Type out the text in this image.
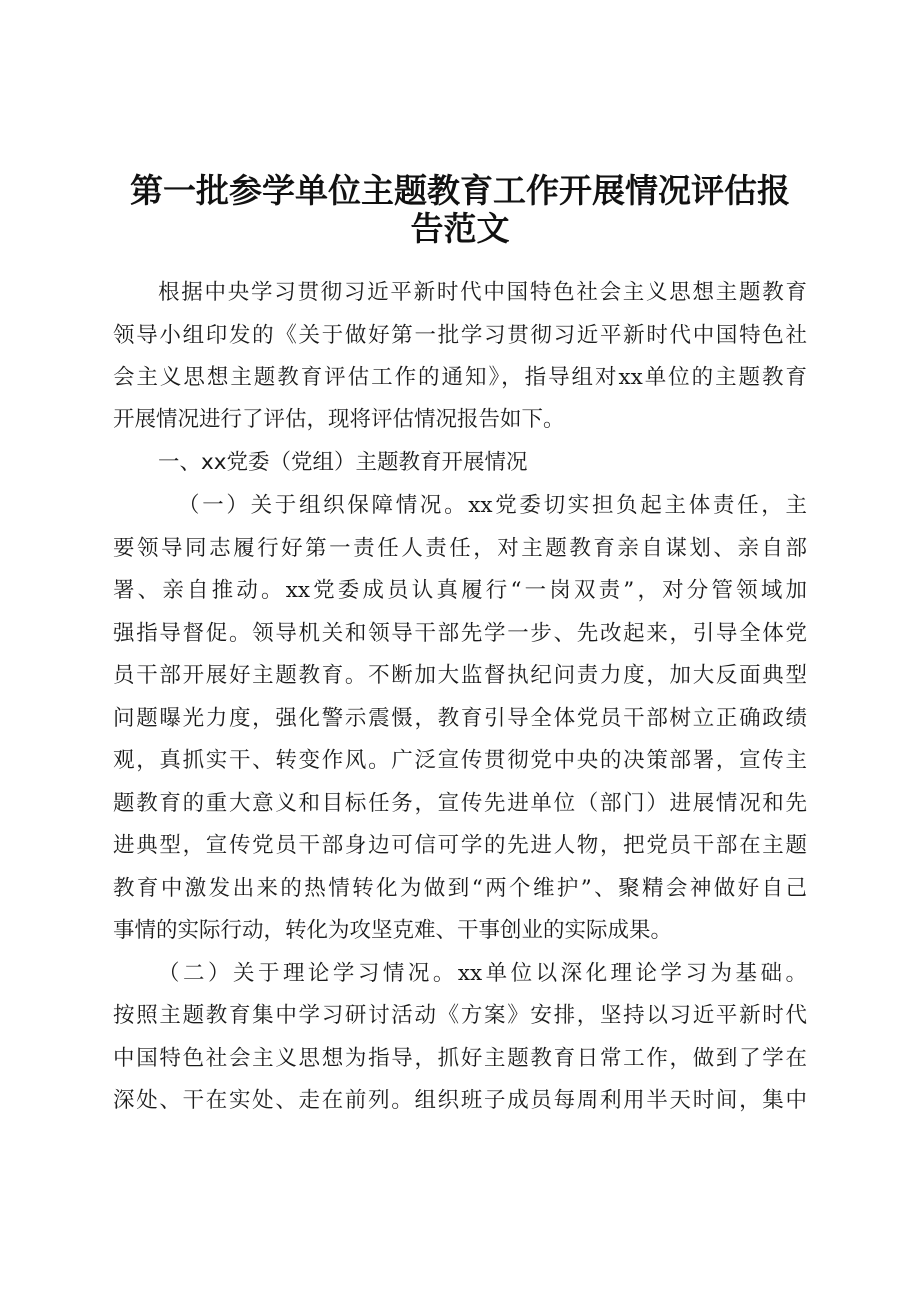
第一批参学单位主题教育工作开展情况评估报
告范文
根据中央学习贯彻习近平新时代中国特色社会主义思想主题教育
领导小组印发的《关于做好第一批学习贯彻习近平新时代中国特色社
会主义思想主题教育评估工作的通知》，指导组对xx单位的主题教育
开展情况进行了评估，现将评估情况报告如下。
一、xx党委（党组）主题教育开展情况
（一）关于组织保障情况。xx党委切实担负起主体责任，主
要领导同志履行好第一责任人责任，对主题教育亲自谋划、亲自部
署、亲自推动。xx党委成员认真履行“一岗双责”，对分管领域加
强指导督促。领导机关和领导干部先学一步、先改起来，引导全体党
员干部开展好主题教育。不断加大监督执纪问责力度，加大反面典型
问题曝光力度，强化警示震慑，教育引导全体党员干部树立正确政绩
观，真抓实干、转变作风。广泛宣传贯彻党中央的决策部署，宣传主
题教育的重大意义和目标任务，宣传先进单位（部门）进展情况和先
进典型，宣传党员干部身边可信可学的先进人物，把党员干部在主题
教育中激发出来的热情转化为做到“两个维护”、聚精会神做好自己
事情的实际行动，转化为攻坚克难、干事创业的实际成果。
（二）关于理论学习情况。xx单位以深化理论学习为基础。
按照主题教育集中学习研讨活动《方案》安排，坚持以习近平新时代
中国特色社会主义思想为指导，抓好主题教育日常工作，做到了学在
深处、干在实处、走在前列。组织班子成员每周利用半天时间，集中
